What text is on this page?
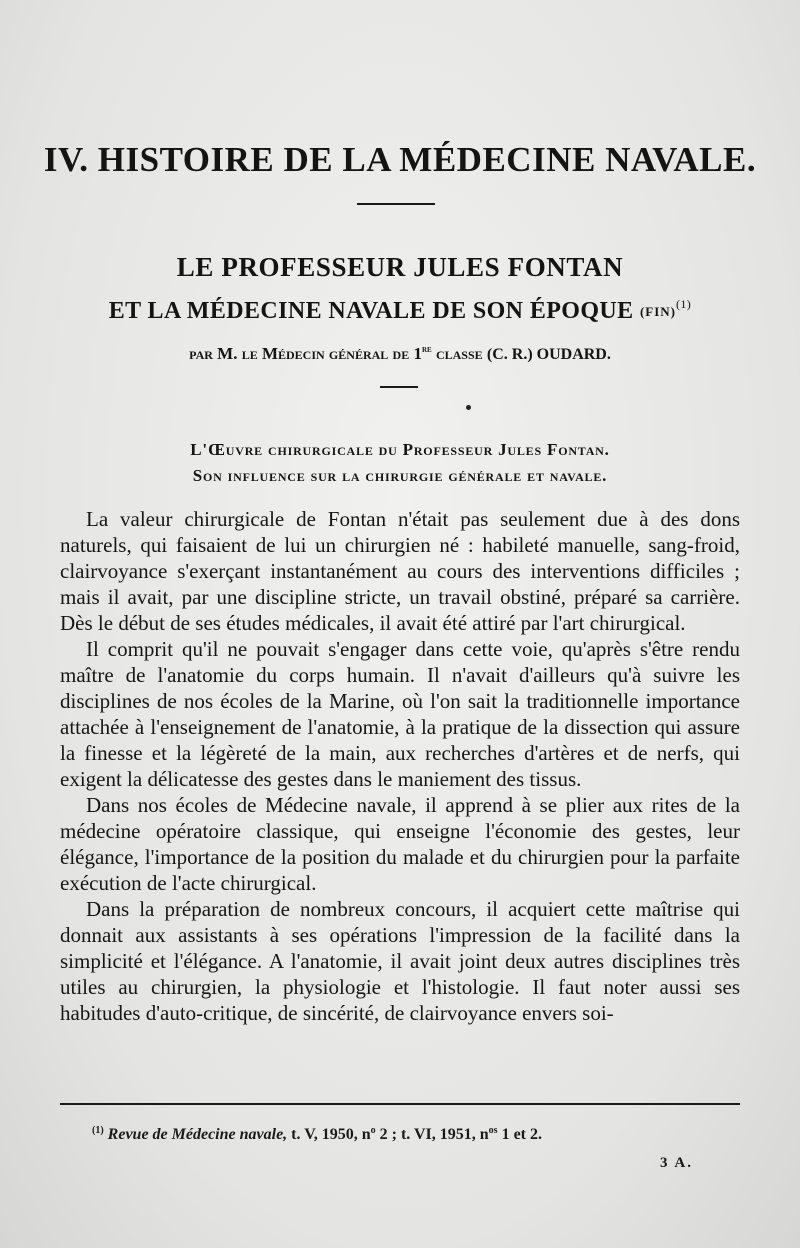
IV. HISTOIRE DE LA MÉDECINE NAVALE.
LE PROFESSEUR JULES FONTAN
ET LA MÉDECINE NAVALE DE SON ÉPOQUE (FIN)$^{(1)}$
par M. le Médecin général de 1re classe (C. R.) OUDARD.
L'Œuvre chirurgicale du Professeur Jules Fontan.
Son influence sur la chirurgie générale et navale.

La valeur chirurgicale de Fontan n'était pas seulement due à des dons naturels, qui faisaient de lui un chirurgien né : habileté manuelle, sang-froid, clairvoyance s'exerçant instantanément au cours des interventions difficiles ; mais il avait, par une discipline stricte, un travail obstiné, préparé sa carrière. Dès le début de ses études médicales, il avait été attiré par l'art chirurgical.

Il comprit qu'il ne pouvait s'engager dans cette voie, qu'après s'être rendu maître de l'anatomie du corps humain. Il n'avait d'ailleurs qu'à suivre les disciplines de nos écoles de la Marine, où l'on sait la traditionnelle importance attachée à l'enseignement de l'anatomie, à la pratique de la dissection qui assure la finesse et la légèreté de la main, aux recherches d'artères et de nerfs, qui exigent la délicatesse des gestes dans le maniement des tissus.

Dans nos écoles de Médecine navale, il apprend à se plier aux rites de la médecine opératoire classique, qui enseigne l'économie des gestes, leur élégance, l'importance de la position du malade et du chirurgien pour la parfaite exécution de l'acte chirurgical.

Dans la préparation de nombreux concours, il acquiert cette maîtrise qui donnait aux assistants à ses opérations l'impression de la facilité dans la simplicité et l'élégance. A l'anatomie, il avait joint deux autres disciplines très utiles au chirurgien, la physiologie et l'histologie. Il faut noter aussi ses habitudes d'auto-critique, de sincérité, de clairvoyance envers soi-

$^{(1)}$ Revue de Médecine navale, t. V, 1950, $n^o$ 2 ; t. VI, 1951, $n^{os}$ 1 et 2.
3 A.
